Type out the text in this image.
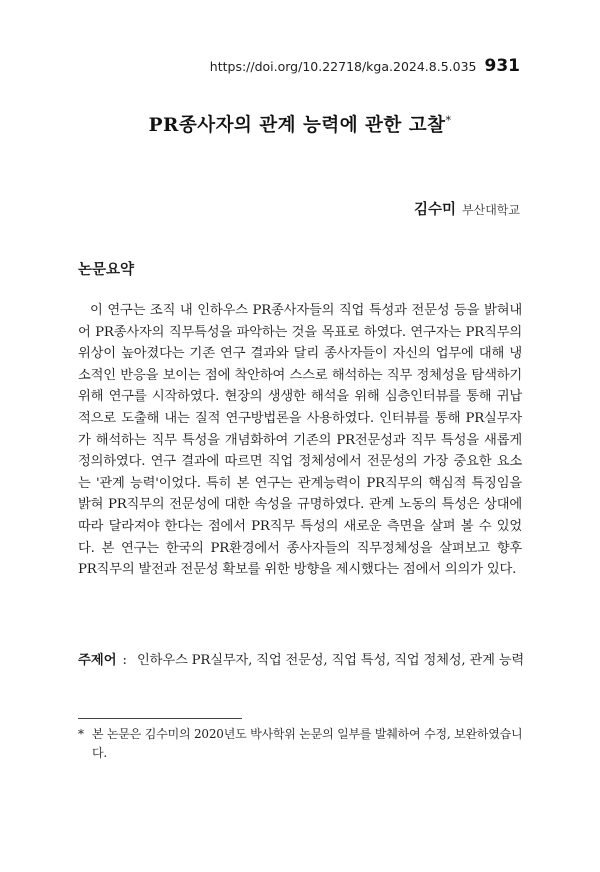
https://doi.org/10.22718/kga.2024.8.5.035 931
PR종사자의 관계 능력에 관한 고찰*
김수미 부산대학교
논문요약

이 연구는 조직 내 인하우스 PR종사자들의 직업 특성과 전문성 등을 밝혀내어 PR종사자의 직무특성을 파악하는 것을 목표로 하였다. 연구자는 PR직무의 위상이 높아졌다는 기존 연구 결과와 달리 종사자들이 자신의 업무에 대해 냉소적인 반응을 보이는 점에 착안하여 스스로 해석하는 직무 정체성을 탐색하기 위해 연구를 시작하였다. 현장의 생생한 해석을 위해 심층인터뷰를 통해 귀납적으로 도출해 내는 질적 연구방법론을 사용하였다. 인터뷰를 통해 PR실무자가 해석하는 직무 특성을 개념화하여 기존의 PR전문성과 직무 특성을 새롭게 정의하였다. 연구 결과에 따르면 직업 정체성에서 전문성의 가장 중요한 요소는 '관계 능력'이었다. 특히 본 연구는 관계능력이 PR직무의 핵심적 특징임을 밝혀 PR직무의 전문성에 대한 속성을 규명하였다. 관계 노동의 특성은 상대에 따라 달라져야 한다는 점에서 PR직무 특성의 새로운 측면을 살펴 볼 수 있었다. 본 연구는 한국의 PR환경에서 종사자들의 직무정체성을 살펴보고 향후 PR직무의 발전과 전문성 확보를 위한 방향을 제시했다는 점에서 의의가 있다.

주제어 : 인하우스 PR실무자, 직업 전문성, 직업 특성, 직업 정체성, 관계 능력
* 본 논문은 김수미의 2020년도 박사학위 논문의 일부를 발췌하여 수정, 보완하였습니다.
